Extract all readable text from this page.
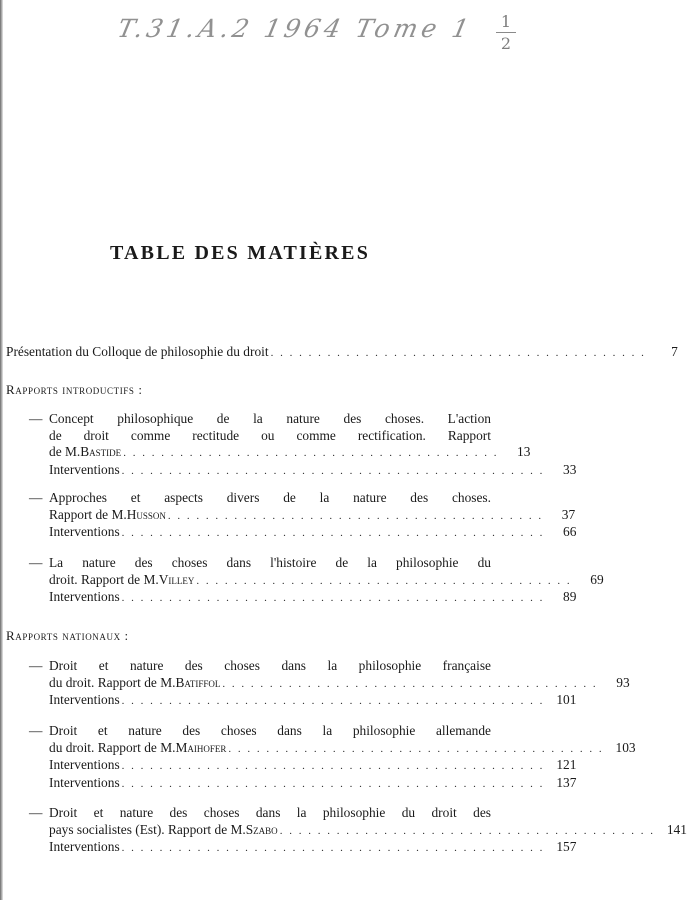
T.31.A.2 1964 Tome 1	1
2
TABLE DES MATIÈRES
Présentation du Colloque de philosophie du droit . . . . . . . . . . . . . . . . . . . . . . . . . . . . . . . . . . . . . . . .	7
Rapports introductifs :
— Concept philosophique de la nature des choses. L'action
de droit comme rectitude ou comme rectification. Rapport
de M. Bastide . . . . . . . . . . . . . . . . . . . . . . . . . . . . . . . . . . . . . . . .	13
Interventions . . . . . . . . . . . . . . . . . . . . . . . . . . . . . . . . . . . . . . . . . . . . .	33
— Approches et aspects divers de la nature des choses.
Rapport de M. Husson . . . . . . . . . . . . . . . . . . . . . . . . . . . . . . . . . . . . . . . .	37
Interventions . . . . . . . . . . . . . . . . . . . . . . . . . . . . . . . . . . . . . . . . . . . . .	66
— La nature des choses dans l'histoire de la philosophie du
droit. Rapport de M. Villey . . . . . . . . . . . . . . . . . . . . . . . . . . . . . . . . . . . . . . . .	69
Interventions . . . . . . . . . . . . . . . . . . . . . . . . . . . . . . . . . . . . . . . . . . . . .	89
Rapports nationaux :
— Droit et nature des choses dans la philosophie française
du droit. Rapport de M. Batiffol . . . . . . . . . . . . . . . . . . . . . . . . . . . . . . . . . . . . . . . .	93
Interventions . . . . . . . . . . . . . . . . . . . . . . . . . . . . . . . . . . . . . . . . . . . . . 101
— Droit et nature des choses dans la philosophie allemande
du droit. Rapport de M. Maihofer . . . . . . . . . . . . . . . . . . . . . . . . . . . . . . . . . . . . . . . . 103
Interventions . . . . . . . . . . . . . . . . . . . . . . . . . . . . . . . . . . . . . . . . . . . . . 121
Interventions . . . . . . . . . . . . . . . . . . . . . . . . . . . . . . . . . . . . . . . . . . . . . 137
— Droit et nature des choses dans la philosophie du droit des
pays socialistes (Est). Rapport de M. Szabo . . . . . . . . . . . . . . . . . . . . . . . . . . . . . . . . . . . . . . . . 141
Interventions . . . . . . . . . . . . . . . . . . . . . . . . . . . . . . . . . . . . . . . . . . . . . 157
